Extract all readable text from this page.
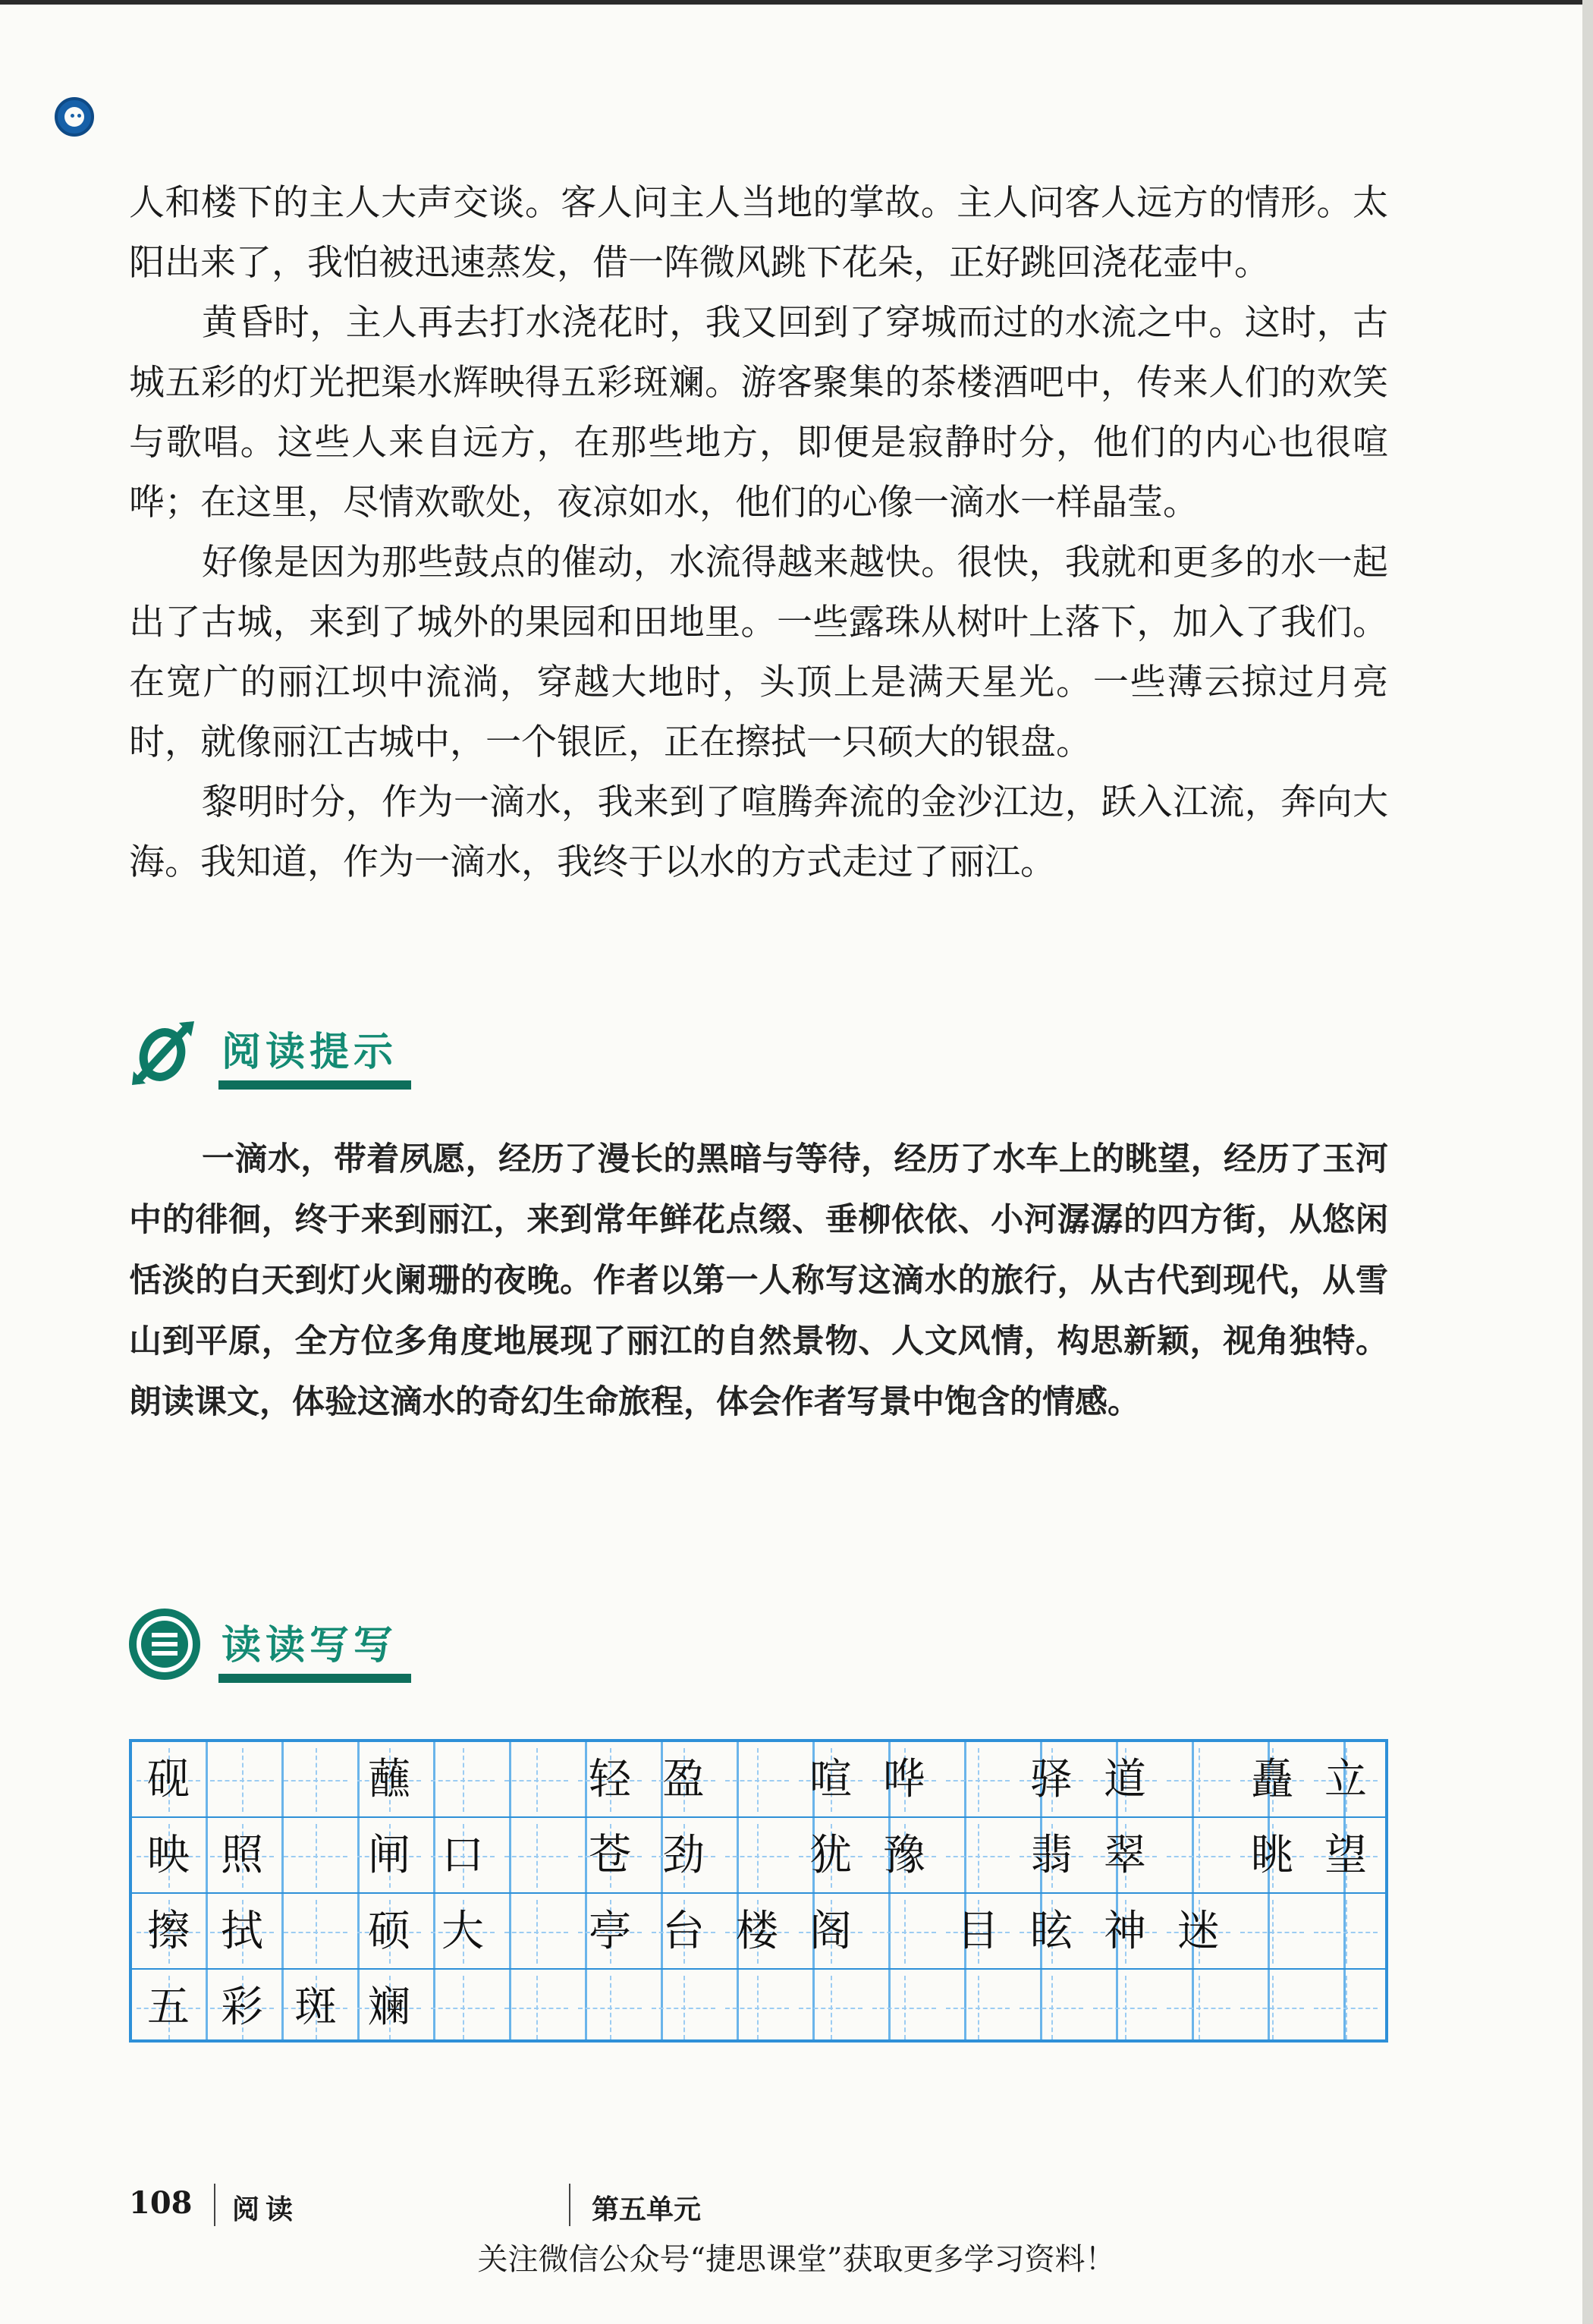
人和楼下的主人大声交谈。客人问主人当地的掌故。主人问客人远方的情形。太阳出来了，我怕被迅速蒸发，借一阵微风跳下花朵，正好跳回浇花壶中。

黄昏时，主人再去打水浇花时，我又回到了穿城而过的水流之中。这时，古城五彩的灯光把渠水辉映得五彩斑斓。游客聚集的茶楼酒吧中，传来人们的欢笑与歌唱。这些人来自远方，在那些地方，即便是寂静时分，他们的内心也很喧哗；在这里，尽情欢歌处，夜凉如水，他们的心像一滴水一样晶莹。

好像是因为那些鼓点的催动，水流得越来越快。很快，我就和更多的水一起出了古城，来到了城外的果园和田地里。一些露珠从树叶上落下，加入了我们。在宽广的丽江坝中流淌，穿越大地时，头顶上是满天星光。一些薄云掠过月亮时，就像丽江古城中，一个银匠，正在擦拭一只硕大的银盘。

黎明时分，作为一滴水，我来到了喧腾奔流的金沙江边，跃入江流，奔向大海。我知道，作为一滴水，我终于以水的方式走过了丽江。

阅读提示

一滴水，带着夙愿，经历了漫长的黑暗与等待，经历了水车上的眺望，经历了玉河中的徘徊，终于来到丽江，来到常年鲜花点缀、垂柳依依、小河潺潺的四方街，从悠闲恬淡的白天到灯火阑珊的夜晚。作者以第一人称写这滴水的旅行，从古代到现代，从雪山到平原，全方位多角度地展现了丽江的自然景物、人文风情，构思新颖，视角独特。朗读课文，体验这滴水的奇幻生命旅程，体会作者写景中饱含的情感。

读读写写
砚	蘸	轻 盈	喧 哗	驿 道	矗 立
映 照	闸 口	苍 劲	犹 豫	翡 翠	眺 望
擦 拭	硕 大	亭 台 楼 阁	目 眩 神 迷
五 彩 斑 斓
108 阅读	第五单元
关注微信公众号“捷思课堂”获取更多学习资料！
